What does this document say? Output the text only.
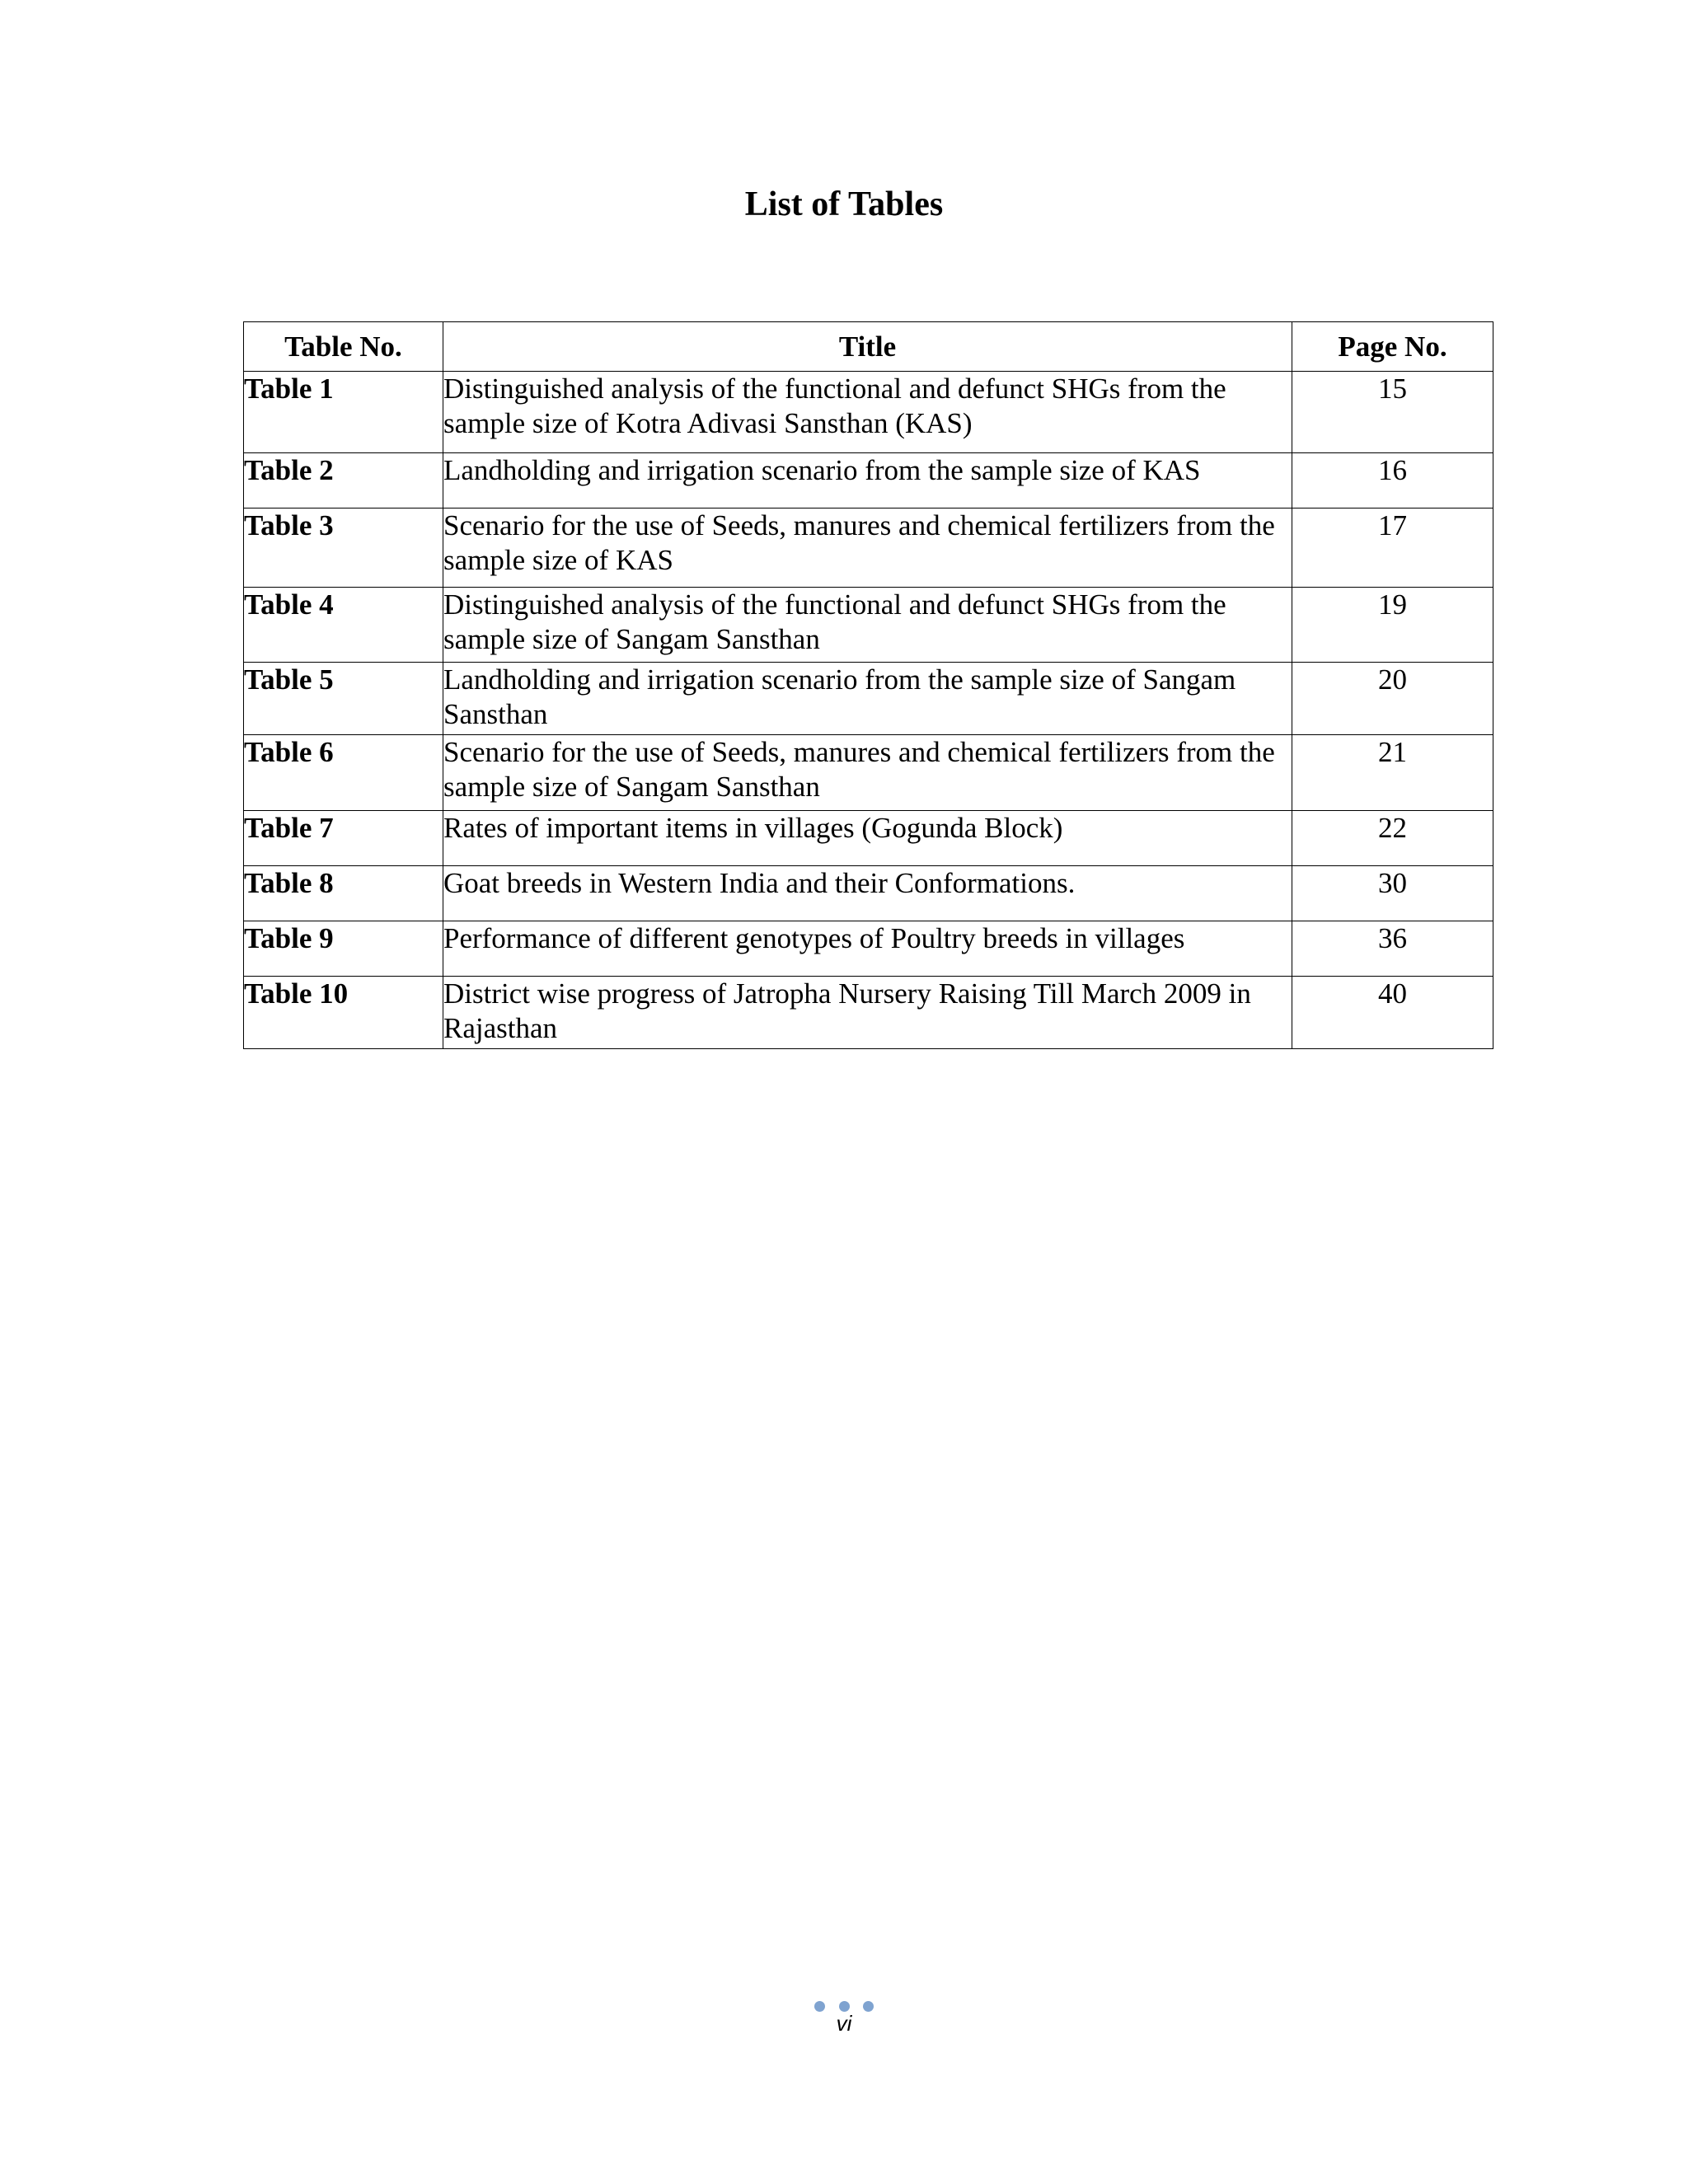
List of Tables
Table No.	Title	Page No.
Table 1	Distinguished analysis of the functional and defunct SHGs from the sample size of Kotra Adivasi Sansthan (KAS)	15
Table 2	Landholding and irrigation scenario from the sample size of KAS	16
Table 3	Scenario for the use of Seeds, manures and chemical fertilizers from the sample size of KAS	17
Table 4	Distinguished analysis of the functional and defunct SHGs from the sample size of Sangam Sansthan	19
Table 5	Landholding and irrigation scenario from the sample size of Sangam Sansthan	20
Table 6	Scenario for the use of Seeds, manures and chemical fertilizers from the sample size of Sangam Sansthan	21
Table 7	Rates of important items in villages (Gogunda Block)	22
Table 8	Goat breeds in Western India and their Conformations.	30
Table 9	Performance of different genotypes of Poultry breeds in villages	36
Table 10	District wise progress of Jatropha Nursery Raising Till March 2009 in Rajasthan	40
vi
